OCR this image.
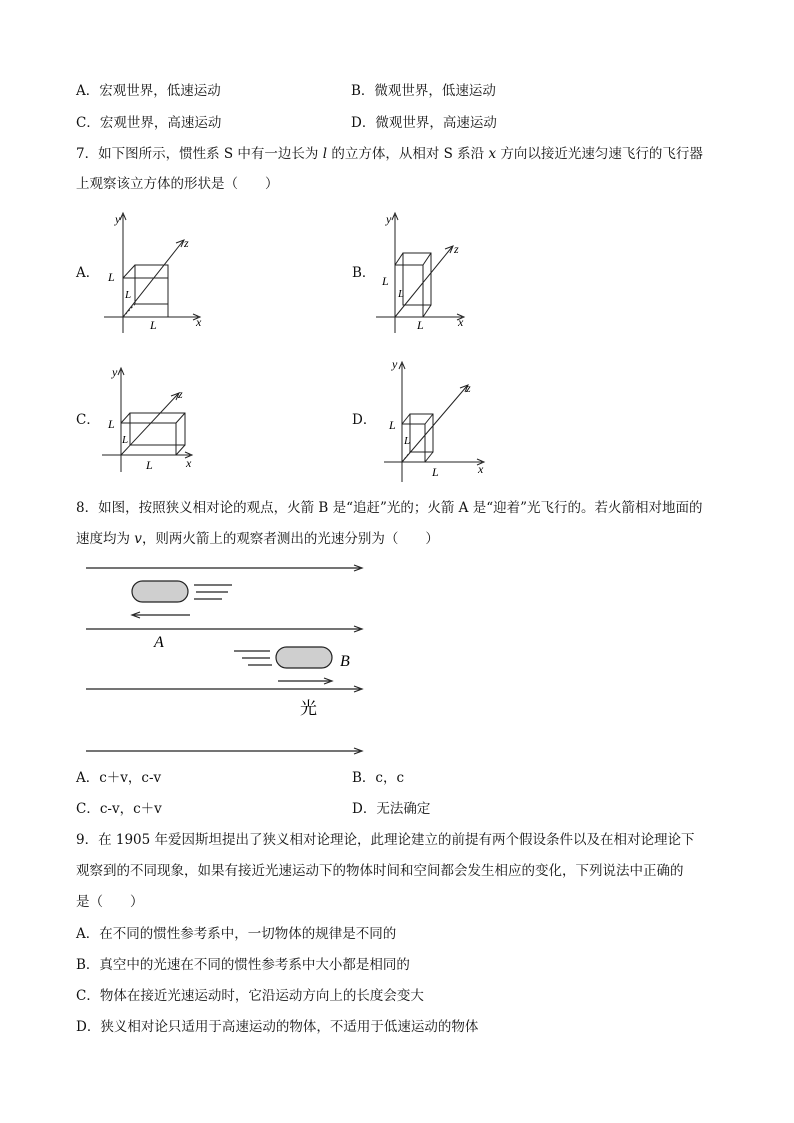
A．宏观世界，低速运动	B．微观世界，低速运动
C．宏观世界，高速运动	D．微观世界，高速运动
7．如下图所示，惯性系 S 中有一边长为 l 的立方体，从相对 S 系沿 x 方向以接近光速匀速飞行的飞行器
上观察该立方体的形状是（　　）
A．	B．
C．	D．
y
z
x
L
L
L
y
z
x
L
L
L
y
z
x
L
L
L
y
z
x
L
L
L
8．如图，按照狭义相对论的观点，火箭 B 是“追赶”光的；火箭 A 是“迎着”光飞行的。若火箭相对地面的
速度均为 v，则两火箭上的观察者测出的光速分别为（　　）
A
B
光
A．c＋v，c-v	B．c，c
C．c-v，c＋v	D．无法确定
9．在 1905 年爱因斯坦提出了狭义相对论理论，此理论建立的前提有两个假设条件以及在相对论理论下
观察到的不同现象，如果有接近光速运动下的物体时间和空间都会发生相应的变化，下列说法中正确的
是（　　）
A．在不同的惯性参考系中，一切物体的规律是不同的
B．真空中的光速在不同的惯性参考系中大小都是相同的
C．物体在接近光速运动时，它沿运动方向上的长度会变大
D．狭义相对论只适用于高速运动的物体，不适用于低速运动的物体
